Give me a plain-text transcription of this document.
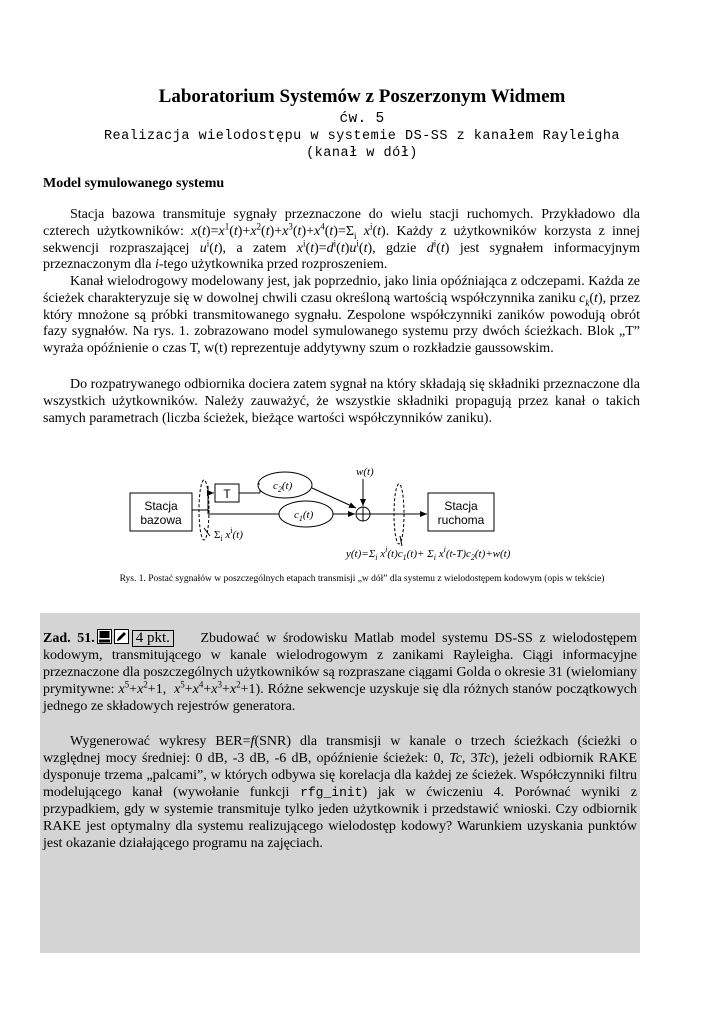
Laboratorium Systemów z Poszerzonym Widmem
ćw. 5
Realizacja wielodostępu w systemie DS-SS z kanałem Rayleigha
(kanał w dół)
Model symulowanego systemu

Stacja bazowa transmituje sygnały przeznaczone do wielu stacji ruchomych. Przykładowo dla czterech użytkowników: $x(t)=x^1(t)+x^2(t)+x^3(t)+x^4(t)=\Sigma_i$ $x^i(t)$. Każdy z użytkowników korzysta z innej sekwencji rozpraszającej $u^i(t)$, a zatem $x^i(t)=d^i(t)u^i(t)$, gdzie $d^i(t)$ jest sygnałem informacyjnym przeznaczonym dla i-tego użytkownika przed rozproszeniem.

Kanał wielodrogowy modelowany jest, jak poprzednio, jako linia opóźniająca z odczepami. Każda ze ścieżek charakteryzuje się w dowolnej chwili czasu określoną wartością współczynnika zaniku $c_k(t)$, przez który mnożone są próbki transmitowanego sygnału. Zespolone współczynniki zaników powodują obrót fazy sygnałów. Na rys. 1. zobrazowano model symulowanego systemu przy dwóch ścieżkach. Blok „T” wyraża opóźnienie o czas T, w(t) reprezentuje addytywny szum o rozkładzie gaussowskim.

Do rozpatrywanego odbiornika dociera zatem sygnał na który składają się składniki przeznaczone dla wszystkich użytkowników. Należy zauważyć, że wszystkie składniki propagują przez kanał o takich samych parametrach (liczba ścieżek, bieżące wartości współczynników zaniku).

Stacja
bazowa
T
$c_2(t)$
$c_1(t)$
w(t)
Stacja
ruchoma
$\Sigma_i$ $x^i(t)$
$y(t)=\Sigma_i$ $x^i(t)c_1(t)+ \Sigma_i$ $x^i(t-T)c_2(t)+w(t)$
Rys. 1. Postać sygnałów w poszczególnych etapach transmisji „w dół” dla systemu z wielodostępem kodowym (opis w tekście)

Zad. 51.	4 pkt. Zbudować w środowisku Matlab model systemu DS-SS z wielodostępem kodowym, transmitującego w kanale wielodrogowym z zanikami Rayleigha. Ciągi informacyjne przeznaczone dla poszczególnych użytkowników są rozpraszane ciągami Golda o okresie 31 (wielomiany prymitywne: $x^5+x^2+1$,  $x^5+x^4+x^3+x^2+1$). Różne sekwencje uzyskuje się dla różnych stanów początkowych jednego ze składowych rejestrów generatora.

Wygenerować wykresy BER=f(SNR) dla transmisji w kanale o trzech ścieżkach (ścieżki o względnej mocy średniej: 0 dB, -3 dB, -6 dB, opóźnienie ścieżek: 0, Tc, 3Tc), jeżeli odbiornik RAKE dysponuje trzema „palcami”, w których odbywa się korelacja dla każdej ze ścieżek. Współczynniki filtru modelującego kanał (wywołanie funkcji rfg_init) jak w ćwiczeniu 4. Porównać wyniki z przypadkiem, gdy w systemie transmituje tylko jeden użytkownik i przedstawić wnioski. Czy odbiornik RAKE jest optymalny dla systemu realizującego wielodostęp kodowy? Warunkiem uzyskania punktów jest okazanie działającego programu na zajęciach.
